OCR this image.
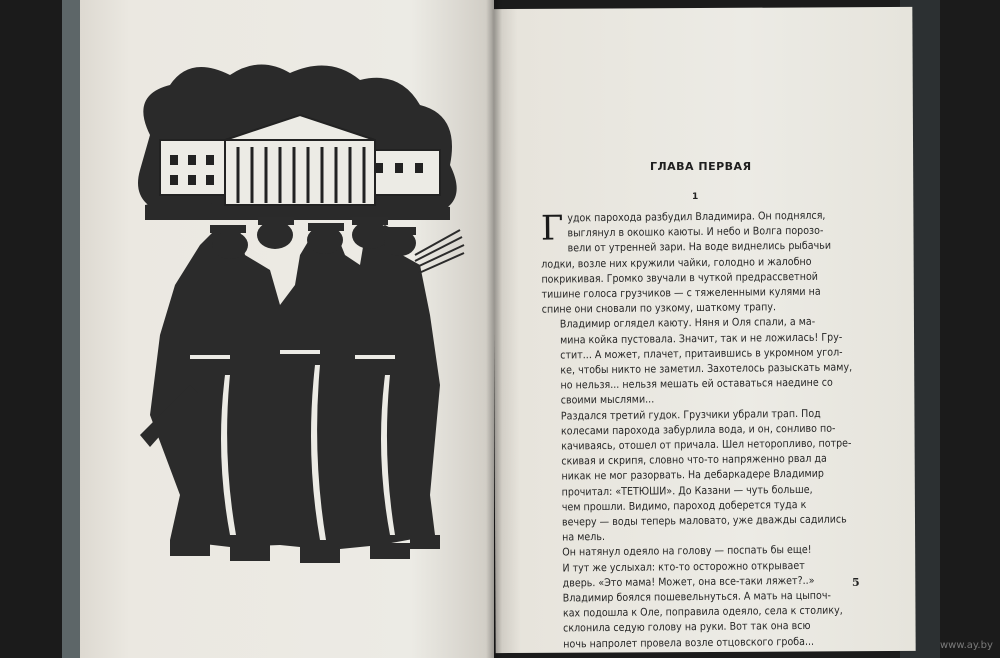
ГЛАВА ПЕРВАЯ
1

Г удок парохода разбудил Владимира. Он поднялся,
выглянул в окошко каюты. И небо и Волга порозо-
вели от утренней зари. На воде виднелись рыбачьи
лодки, возле них кружили чайки, голодно и жалобно
покрикивая. Громко звучали в чуткой предрассветной
тишине голоса грузчиков — с тяжеленными кулями на
спине они сновали по узкому, шаткому трапу.

Владимир оглядел каюту. Няня и Оля спали, а ма-
мина койка пустовала. Значит, так и не ложилась! Гру-
стит... А может, плачет, притаившись в укромном угол-
ке, чтобы никто не заметил. Захотелось разыскать маму,
но нельзя... нельзя мешать ей оставаться наедине со
своими мыслями...

Раздался третий гудок. Грузчики убрали трап. Под
колесами парохода забурлила вода, и он, сонливо по-
качиваясь, отошел от причала. Шел неторопливо, потре-
скивая и скрипя, словно что-то напряженно рвал да
никак не мог разорвать. На дебаркадере Владимир
прочитал: «ТЕТЮШИ». До Казани — чуть больше,
чем прошли. Видимо, пароход доберется туда к
вечеру — воды теперь маловато, уже дважды садились
на мель.

Он натянул одеяло на голову — поспать бы еще!
И тут же услыхал: кто-то осторожно открывает
дверь. «Это мама! Может, она все-таки ляжет?..»

Владимир боялся пошевельнуться. А мать на цыпоч-
ках подошла к Оле, поправила одеяло, села к столику,
склонила седую голову на руки. Вот так она всю
ночь напролет провела возле отцовского гроба...

5
www.ay.by
